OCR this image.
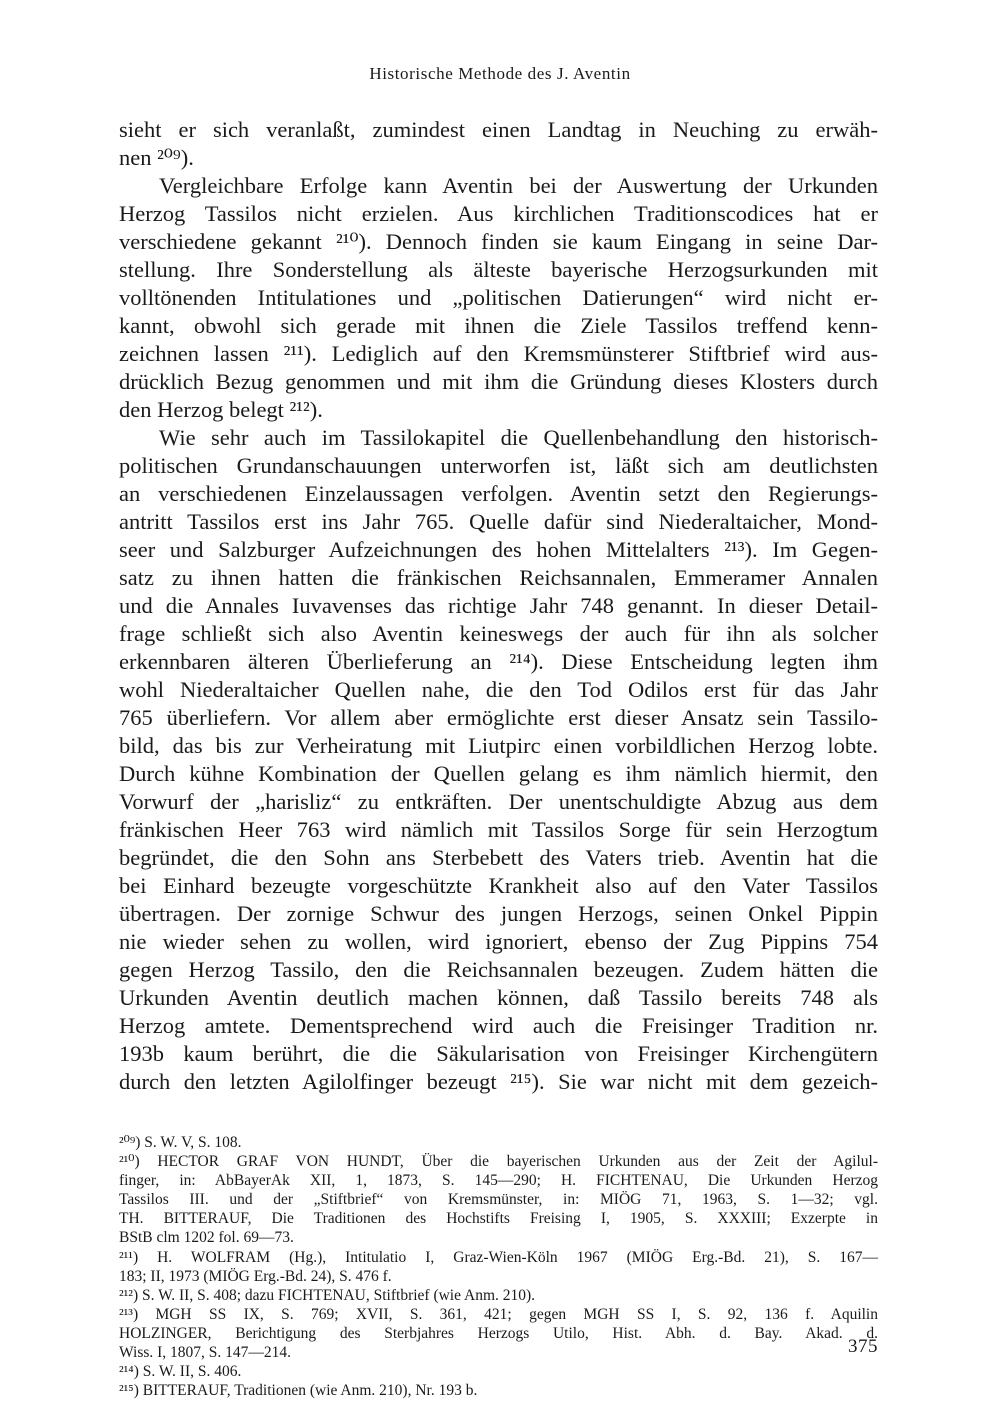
Historische Methode des J. Aventin
sieht er sich veranlaßt, zumindest einen Landtag in Neuching zu erwäh-
nen ²⁰⁹).
Vergleichbare Erfolge kann Aventin bei der Auswertung der Urkunden
Herzog Tassilos nicht erzielen. Aus kirchlichen Traditionscodices hat er
verschiedene gekannt ²¹⁰). Dennoch finden sie kaum Eingang in seine Dar-
stellung. Ihre Sonderstellung als älteste bayerische Herzogsurkunden mit
volltönenden Intitulationes und „politischen Datierungen“ wird nicht er-
kannt, obwohl sich gerade mit ihnen die Ziele Tassilos treffend kenn-
zeichnen lassen ²¹¹). Lediglich auf den Kremsmünsterer Stiftbrief wird aus-
drücklich Bezug genommen und mit ihm die Gründung dieses Klosters durch
den Herzog belegt ²¹²).
Wie sehr auch im Tassilokapitel die Quellenbehandlung den historisch-
politischen Grundanschauungen unterworfen ist, läßt sich am deutlichsten
an verschiedenen Einzelaussagen verfolgen. Aventin setzt den Regierungs-
antritt Tassilos erst ins Jahr 765. Quelle dafür sind Niederaltaicher, Mond-
seer und Salzburger Aufzeichnungen des hohen Mittelalters ²¹³). Im Gegen-
satz zu ihnen hatten die fränkischen Reichsannalen, Emmeramer Annalen
und die Annales Iuvavenses das richtige Jahr 748 genannt. In dieser Detail-
frage schließt sich also Aventin keineswegs der auch für ihn als solcher
erkennbaren älteren Überlieferung an ²¹⁴). Diese Entscheidung legten ihm
wohl Niederaltaicher Quellen nahe, die den Tod Odilos erst für das Jahr
765 überliefern. Vor allem aber ermöglichte erst dieser Ansatz sein Tassilo-
bild, das bis zur Verheiratung mit Liutpirc einen vorbildlichen Herzog lobte.
Durch kühne Kombination der Quellen gelang es ihm nämlich hiermit, den
Vorwurf der „harisliz“ zu entkräften. Der unentschuldigte Abzug aus dem
fränkischen Heer 763 wird nämlich mit Tassilos Sorge für sein Herzogtum
begründet, die den Sohn ans Sterbebett des Vaters trieb. Aventin hat die
bei Einhard bezeugte vorgeschützte Krankheit also auf den Vater Tassilos
übertragen. Der zornige Schwur des jungen Herzogs, seinen Onkel Pippin
nie wieder sehen zu wollen, wird ignoriert, ebenso der Zug Pippins 754
gegen Herzog Tassilo, den die Reichsannalen bezeugen. Zudem hätten die
Urkunden Aventin deutlich machen können, daß Tassilo bereits 748 als
Herzog amtete. Dementsprechend wird auch die Freisinger Tradition nr.
193b kaum berührt, die die Säkularisation von Freisinger Kirchengütern
durch den letzten Agilolfinger bezeugt ²¹⁵). Sie war nicht mit dem gezeich-
²⁰⁹) S. W. V, S. 108.
²¹⁰) HECTOR GRAF VON HUNDT, Über die bayerischen Urkunden aus der Zeit der Agilul-
finger, in: AbBayerAk XII, 1, 1873, S. 145—290; H. FICHTENAU, Die Urkunden Herzog
Tassilos III. und der „Stiftbrief“ von Kremsmünster, in: MIÖG 71, 1963, S. 1—32; vgl.
TH. BITTERAUF, Die Traditionen des Hochstifts Freising I, 1905, S. XXXIII; Exzerpte in
BStB clm 1202 fol. 69—73.
²¹¹) H. WOLFRAM (Hg.), Intitulatio I, Graz-Wien-Köln 1967 (MIÖG Erg.-Bd. 21), S. 167—
183; II, 1973 (MIÖG Erg.-Bd. 24), S. 476 f.
²¹²) S. W. II, S. 408; dazu FICHTENAU, Stiftbrief (wie Anm. 210).
²¹³) MGH SS IX, S. 769; XVII, S. 361, 421; gegen MGH SS I, S. 92, 136 f. Aquilin
HOLZINGER, Berichtigung des Sterbjahres Herzogs Utilo, Hist. Abh. d. Bay. Akad. d.
Wiss. I, 1807, S. 147—214.
²¹⁴) S. W. II, S. 406.
²¹⁵) BITTERAUF, Traditionen (wie Anm. 210), Nr. 193 b.
375
